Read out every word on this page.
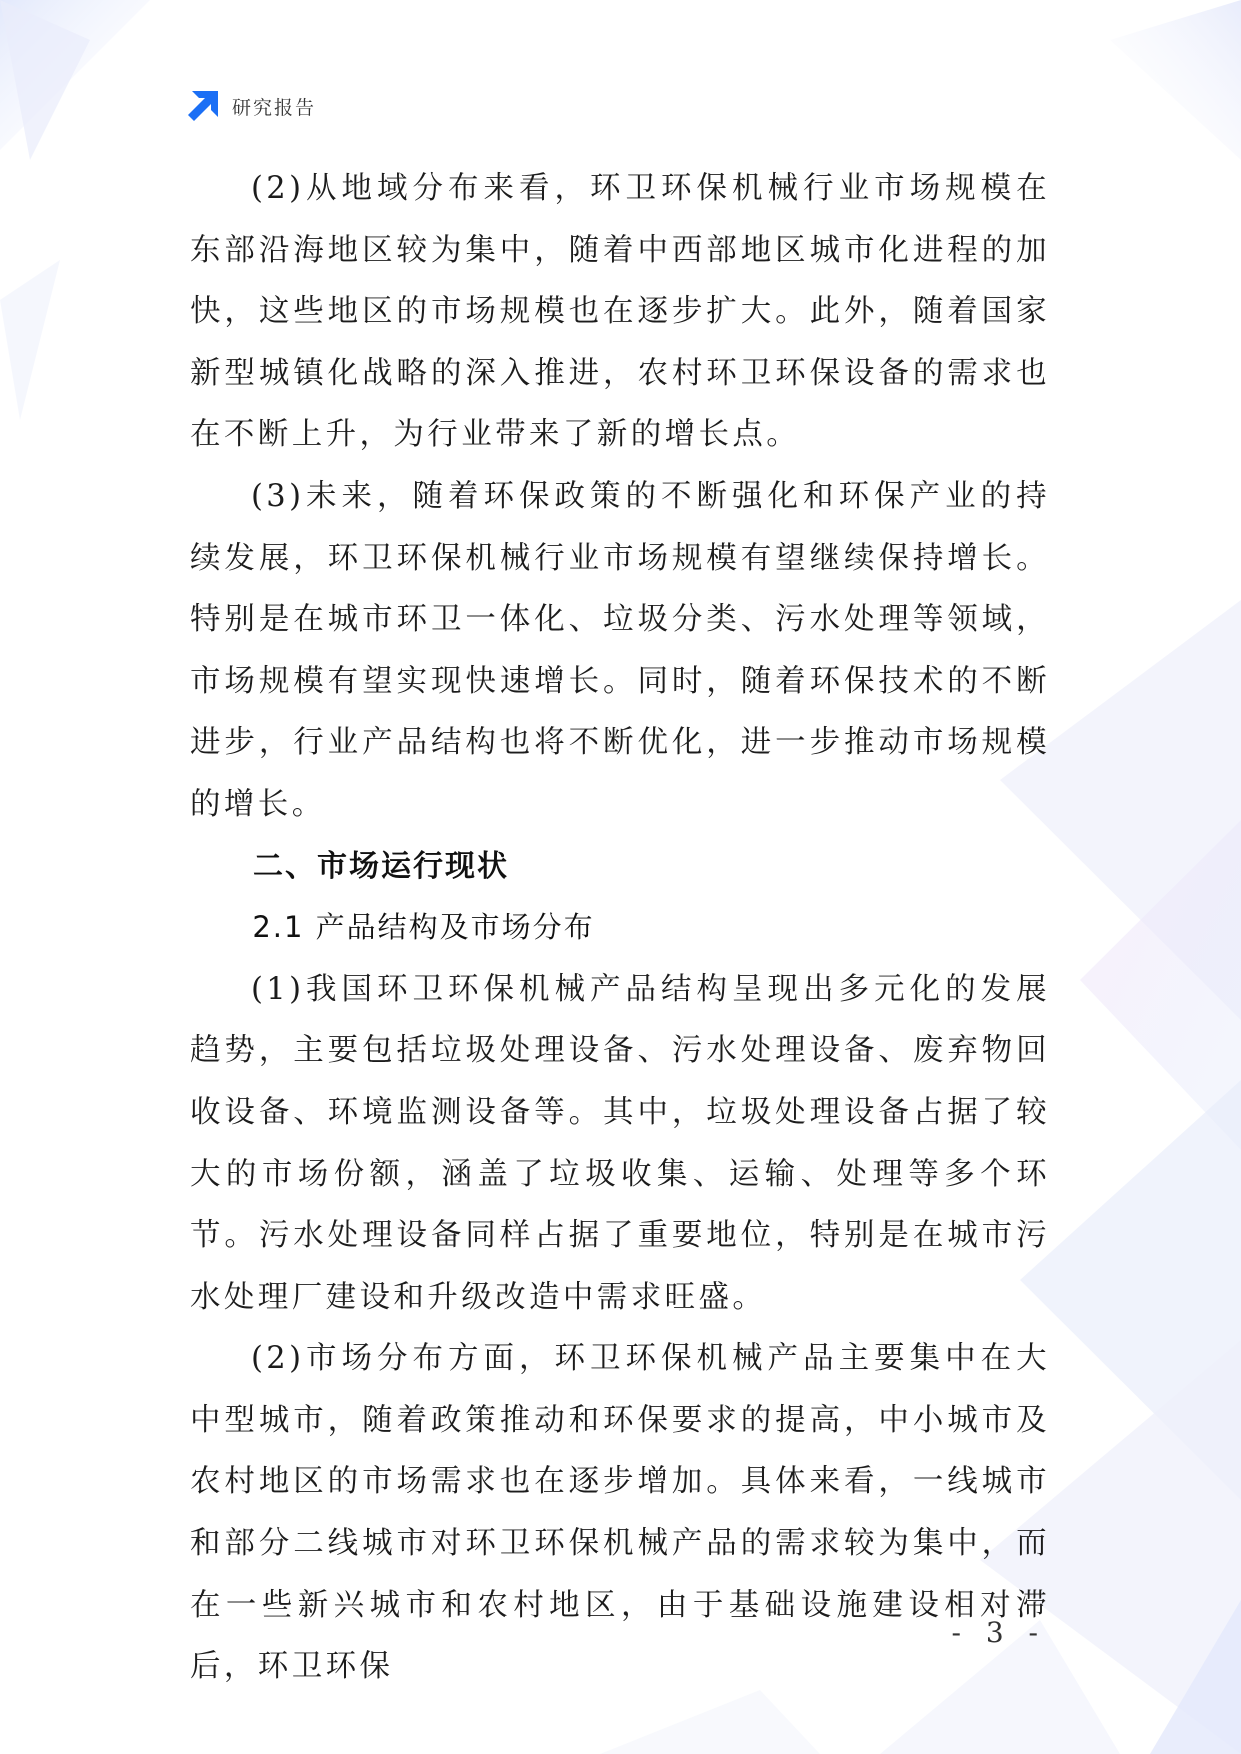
研究报告

(2)从地域分布来看，环卫环保机械行业市场规模在东部沿海地区较为集中，随着中西部地区城市化进程的加快，这些地区的市场规模也在逐步扩大。此外，随着国家新型城镇化战略的深入推进，农村环卫环保设备的需求也在不断上升，为行业带来了新的增长点。

(3)未来，随着环保政策的不断强化和环保产业的持续发展，环卫环保机械行业市场规模有望继续保持增长。特别是在城市环卫一体化、垃圾分类、污水处理等领域，市场规模有望实现快速增长。同时，随着环保技术的不断进步，行业产品结构也将不断优化，进一步推动市场规模的增长。

二、市场运行现状

2.1 产品结构及市场分布

(1)我国环卫环保机械产品结构呈现出多元化的发展趋势，主要包括垃圾处理设备、污水处理设备、废弃物回收设备、环境监测设备等。其中，垃圾处理设备占据了较大的市场份额，涵盖了垃圾收集、运输、处理等多个环节。污水处理设备同样占据了重要地位，特别是在城市污水处理厂建设和升级改造中需求旺盛。

(2)市场分布方面，环卫环保机械产品主要集中在大中型城市，随着政策推动和环保要求的提高，中小城市及农村地区的市场需求也在逐步增加。具体来看，一线城市和部分二线城市对环卫环保机械产品的需求较为集中，而在一些新兴城市和农村地区，由于基础设施建设相对滞后，环卫环保

- 3 -
